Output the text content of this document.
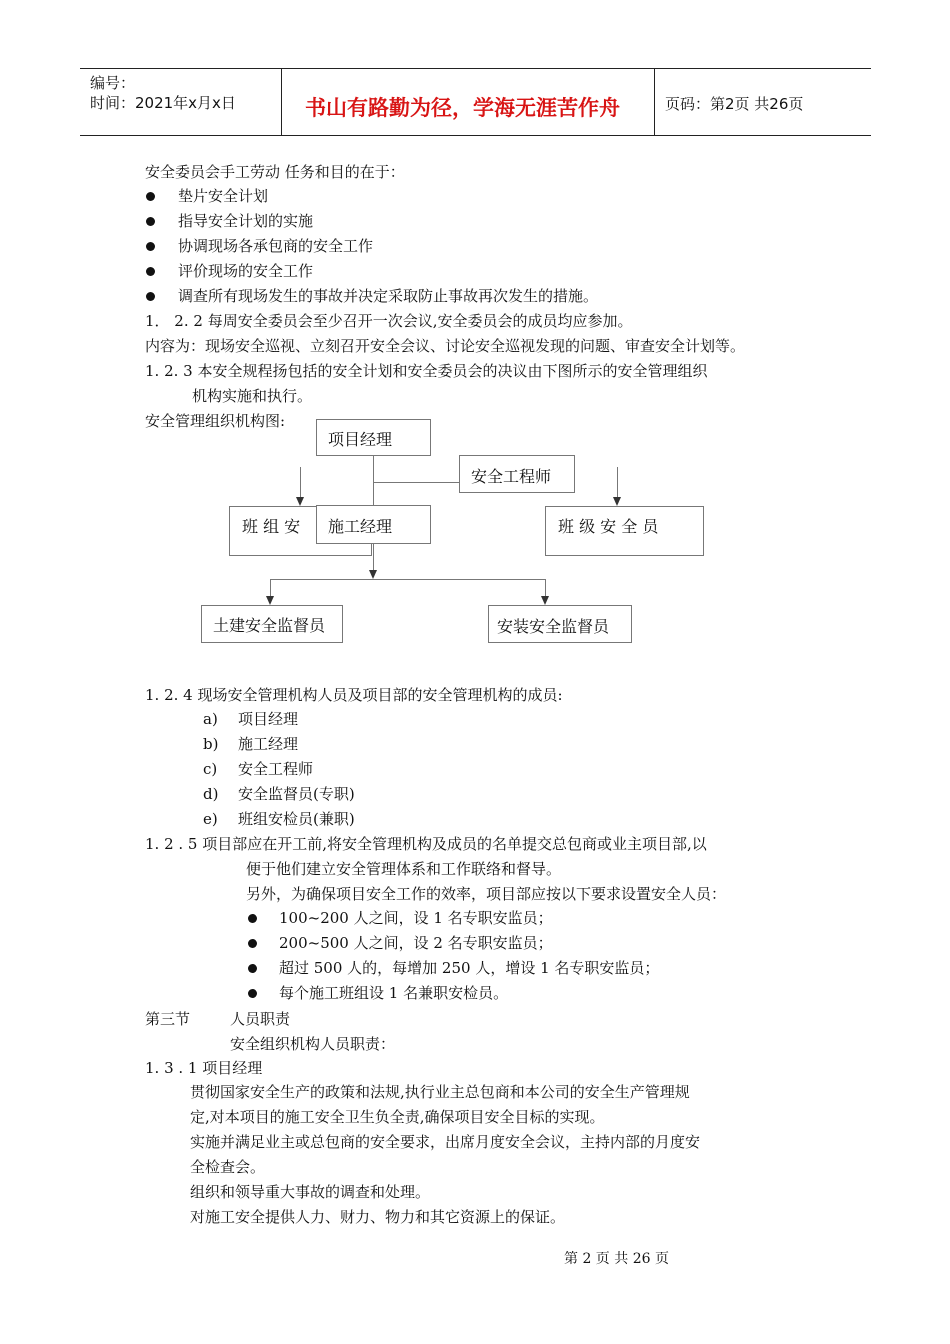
编号：
时间：2021年x月x日	书山有路勤为径，学海无涯苦作舟	页码：第2页 共26页
安全委员会手工劳动 任务和目的在于：
垫片安全计划
指导安全计划的实施
协调现场各承包商的安全工作
评价现场的安全工作
调查所有现场发生的事故并决定采取防止事故再次发生的措施。
1． 2. 2 每周安全委员会至少召开一次会议,安全委员会的成员均应参加。
内容为：现场安全巡视、立刻召开安全会议、讨论安全巡视发现的问题、审查安全计划等。
1. 2. 3 本安全规程扬包括的安全计划和安全委员会的决议由下图所示的安全管理组织
机构实施和执行。
安全管理组织机构图:
项目经理
安全工程师
班 组 安 施工经理	班 级 安 全 员
土建安全监督员	安装安全监督员
1. 2. 4 现场安全管理机构人员及项目部的安全管理机构的成员:
a) 项目经理
b) 施工经理
c) 安全工程师
d) 安全监督员(专职)
e) 班组安检员(兼职)
1. 2 . 5 项目部应在开工前,将安全管理机构及成员的名单提交总包商或业主项目部,以
便于他们建立安全管理体系和工作联络和督导。
另外，为确保项目安全工作的效率，项目部应按以下要求设置安全人员：
100~200 人之间，设 1 名专职安监员；
200~500 人之间，设 2 名专职安监员；
超过 500 人的，每增加 250 人，增设 1 名专职安监员；
每个施工班组设 1 名兼职安检员。
第三节	人员职责
安全组织机构人员职责：
1. 3 . 1 项目经理
贯彻国家安全生产的政策和法规,执行业主总包商和本公司的安全生产管理规
定,对本项目的施工安全卫生负全责,确保项目安全目标的实现。
实施并满足业主或总包商的安全要求，出席月度安全会议，主持内部的月度安
全检查会。
组织和领导重大事故的调查和处理。
对施工安全提供人力、财力、物力和其它资源上的保证。
第 2 页 共 26 页
